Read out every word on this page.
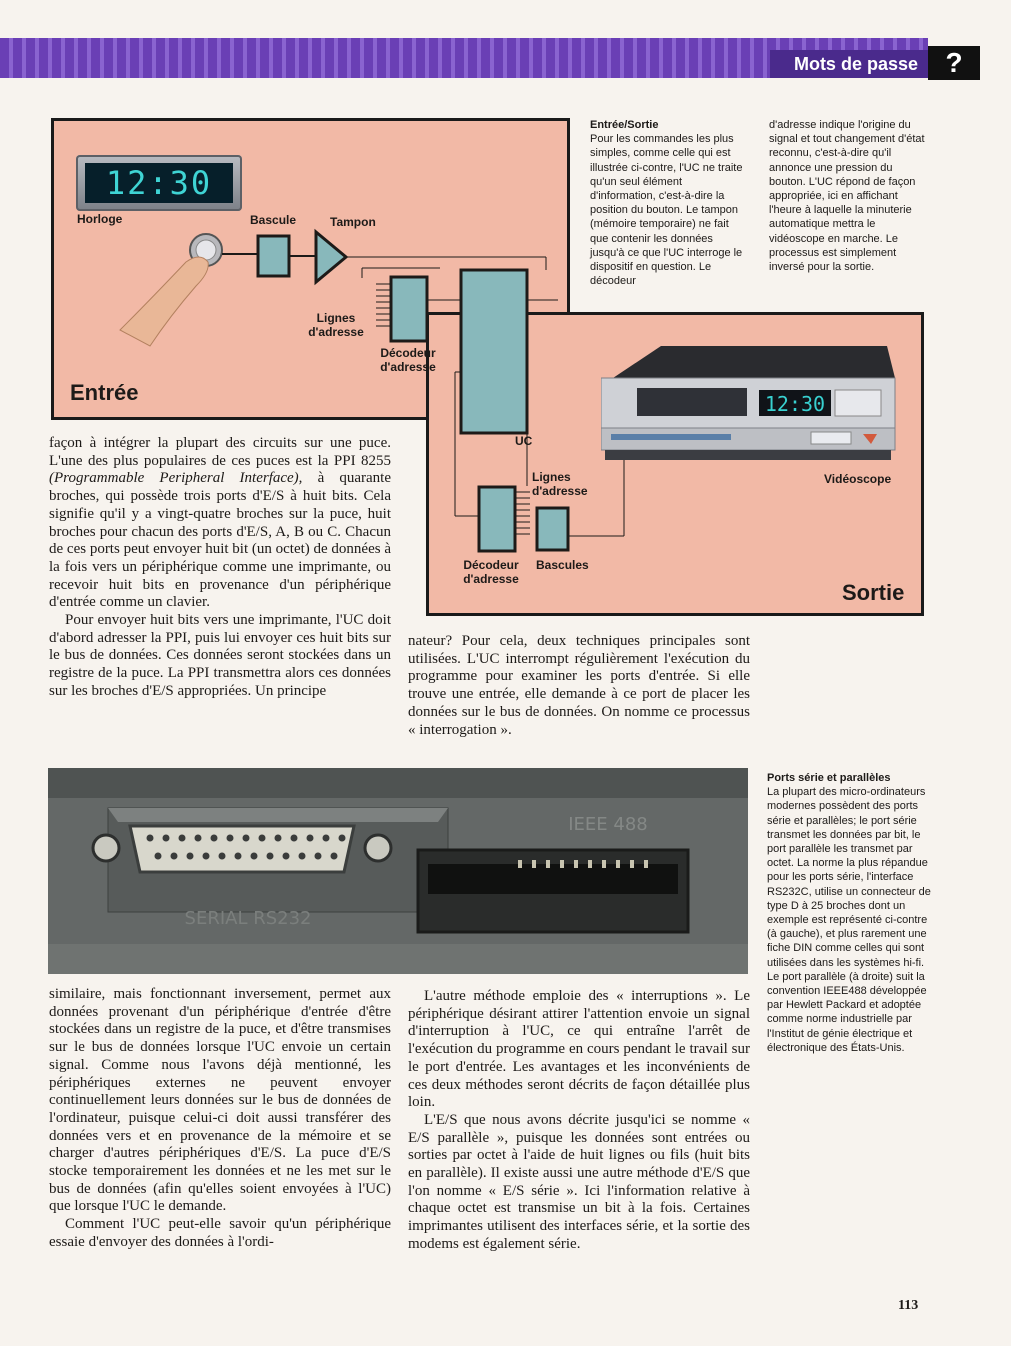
Mots de passe ?
12:30
12:30
Horloge	Bascule	Tampon
Lignes d'adresse
Décodeur d'adresse
Entrée
UC
Lignes d'adresse
Vidéoscope
Décodeur d'adresse
Bascules
Sortie
Entrée/Sortie
Pour les commandes les plus simples, comme celle qui est illustrée ci-contre, l'UC ne traite qu'un seul élément d'information, c'est-à-dire la position du bouton. Le tampon (mémoire temporaire) ne fait que contenir les données jusqu'à ce que l'UC interroge le dispositif en question. Le décodeur
d'adresse indique l'origine du signal et tout changement d'état reconnu, c'est-à-dire qu'il annonce une pression du bouton. L'UC répond de façon appropriée, ici en affichant l'heure à laquelle la minuterie automatique mettra le vidéoscope en marche. Le processus est simplement inversé pour la sortie.

façon à intégrer la plupart des circuits sur une puce. L'une des plus populaires de ces puces est la PPI 8255 (Programmable Peripheral Interface), à quarante broches, qui possède trois ports d'E/S à huit bits. Cela signifie qu'il y a vingt-quatre broches sur la puce, huit broches pour chacun des ports d'E/S, A, B ou C. Chacun de ces ports peut envoyer huit bit (un octet) de données à la fois vers un périphérique comme une imprimante, ou recevoir huit bits en provenance d'un périphérique d'entrée comme un clavier.

Pour envoyer huit bits vers une imprimante, l'UC doit d'abord adresser la PPI, puis lui envoyer ces huit bits sur le bus de données. Ces données seront stockées dans un registre de la puce. La PPI transmettra alors ces données sur les broches d'E/S appropriées. Un principe

nateur? Pour cela, deux techniques principales sont utilisées. L'UC interrompt régulièrement l'exécution du programme pour examiner les ports d'entrée. Si elle trouve une entrée, elle demande à ce port de placer les données sur le bus de données. On nomme ce processus « interrogation ».

IEEE 488
SERIAL RS232
Ports série et parallèles
La plupart des micro-ordinateurs modernes possèdent des ports série et parallèles; le port série transmet les données par bit, le port parallèle les transmet par octet. La norme la plus répandue pour les ports série, l'interface RS232C, utilise un connecteur de type D à 25 broches dont un exemple est représenté ci-contre (à gauche), et plus rarement une fiche DIN comme celles qui sont utilisées dans les systèmes hi-fi.
Le port parallèle (à droite) suit la convention IEEE488 développée par Hewlett Packard et adoptée comme norme industrielle par l'Institut de génie électrique et électronique des États-Unis.

similaire, mais fonctionnant inversement, permet aux données provenant d'un périphérique d'entrée d'être stockées dans un registre de la puce, et d'être transmises sur le bus de données lorsque l'UC envoie un certain signal. Comme nous l'avons déjà mentionné, les périphériques externes ne peuvent envoyer continuellement leurs données sur le bus de données de l'ordinateur, puisque celui-ci doit aussi transférer des données vers et en provenance de la mémoire et se charger d'autres périphériques d'E/S. La puce d'E/S stocke temporairement les données et ne les met sur le bus de données (afin qu'elles soient envoyées à l'UC) que lorsque l'UC le demande.

Comment l'UC peut-elle savoir qu'un périphérique essaie d'envoyer des données à l'ordi-

L'autre méthode emploie des « interruptions ». Le périphérique désirant attirer l'attention envoie un signal d'interruption à l'UC, ce qui entraîne l'arrêt de l'exécution du programme en cours pendant le travail sur le port d'entrée. Les avantages et les inconvénients de ces deux méthodes seront décrits de façon détaillée plus loin.

L'E/S que nous avons décrite jusqu'ici se nomme « E/S parallèle », puisque les données sont entrées ou sorties par octet à l'aide de huit lignes ou fils (huit bits en parallèle). Il existe aussi une autre méthode d'E/S que l'on nomme « E/S série ». Ici l'information relative à chaque octet est transmise un bit à la fois. Certaines imprimantes utilisent des interfaces série, et la sortie des modems est également série.

113
